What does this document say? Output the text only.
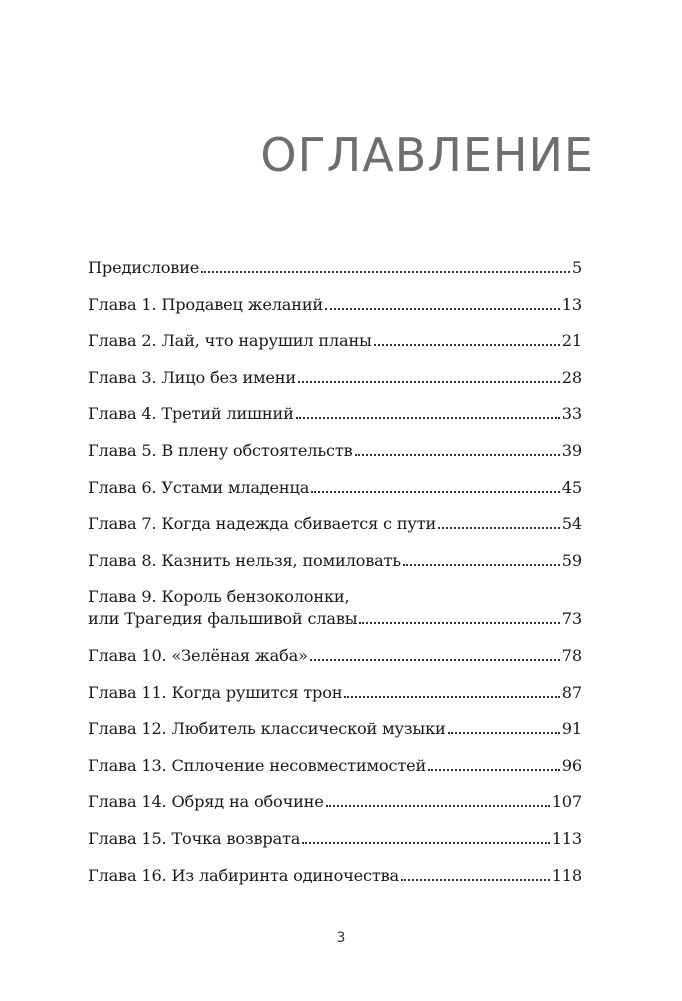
ОГЛАВЛЕНИЕ
Предисловие	5
Глава 1. Продавец желаний	13
Глава 2. Лай, что нарушил планы	21
Глава 3. Лицо без имени	28
Глава 4. Третий лишний	33
Глава 5. В плену обстоятельств	39
Глава 6. Устами младенца	45
Глава 7. Когда надежда сбивается с пути	54
Глава 8. Казнить нельзя, помиловать	59
Глава 9. Король бензоколонки,
или Трагедия фальшивой славы	73
Глава 10. «Зелёная жаба»	78
Глава 11. Когда рушится трон	87
Глава 12. Любитель классической музыки	91
Глава 13. Сплочение несовместимостей	96
Глава 14. Обряд на обочине	107
Глава 15. Точка возврата	113
Глава 16. Из лабиринта одиночества	118
3
